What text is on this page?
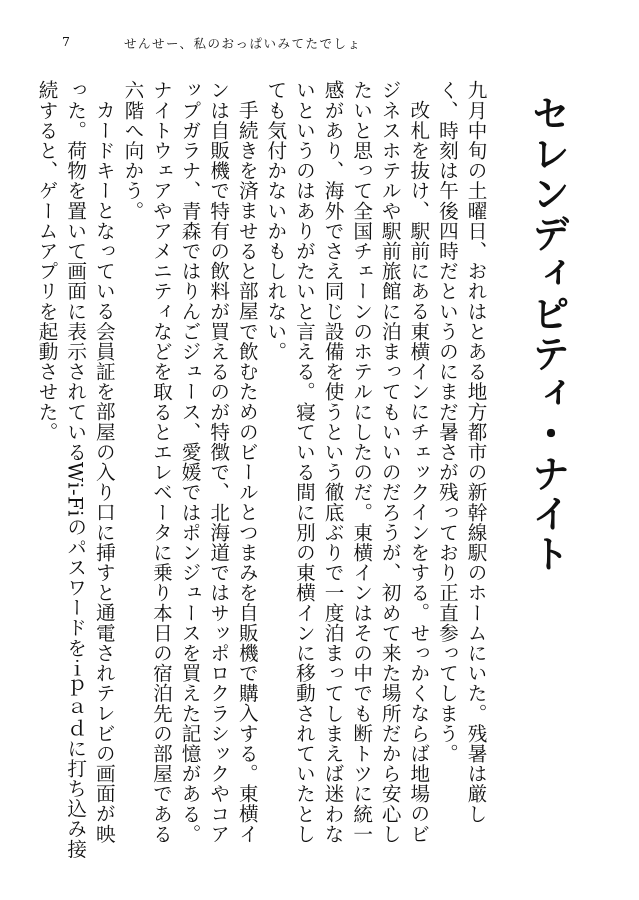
7	せんせー、私のおっぱいみてたでしょ
セレンディピティ・ナイト

九月中旬の土曜日、おれはとある地方都市の新幹線駅のホームにいた。残暑は厳しく、時刻は午後四時だというのにまだ暑さが残っており正直参ってしまう。

改札を抜け、駅前にある東横インにチェックインをする。せっかくならば地場のビジネスホテルや駅前旅館に泊まってもいいのだろうが、初めて来た場所だから安心したいと思って全国チェーンのホテルにしたのだ。東横インはその中でも断トツに統一感があり、海外でさえ同じ設備を使うという徹底ぶりで一度泊まってしまえば迷わないというのはありがたいと言える。寝ている間に別の東横インに移動されていたとしても気付かないかもしれない。

手続きを済ませると部屋で飲むためのビールとつまみを自販機で購入する。東横インは自販機で特有の飲料が買えるのが特徴で、北海道ではサッポロクラシックやコアップガラナ、青森ではりんごジュース、愛媛ではポンジュースを買えた記憶がある。ナイトウェアやアメニティなどを取るとエレベータに乗り本日の宿泊先の部屋である六階へ向かう。

カードキーとなっている会員証を部屋の入り口に挿すと通電されテレビの画面が映った。荷物を置いて画面に表示されているWi-Fiのパスワードをｉｐａｄに打ち込み接続すると、ゲームアプリを起動させた。
